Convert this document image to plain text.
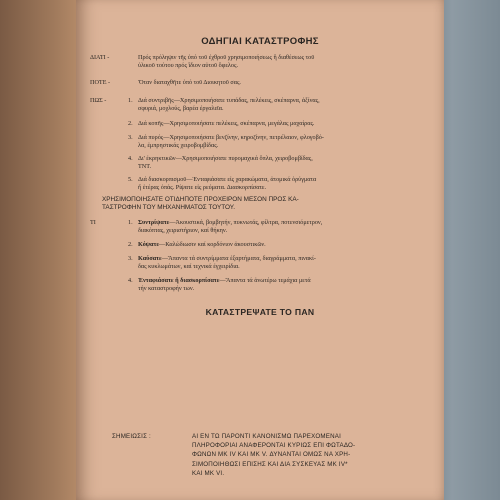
ΟΔΗΓΙΑΙ ΚΑΤΑΣΤΡΟΦΗΣ
ΔΙΑΤΙ -	Πρός πρόληψιν τῆς ὑπό τοῦ ἐχθροῦ χρησιμοποιήσεως ἤ διαθέσεως τοῦ
ὑλικοῦ τούτου πρός ἴδιον αὐτοῦ ὄφελος.
ΠΟΤΕ -	Ὅταν διαταχθῆτε ὑπό τοῦ Διοικητοῦ σας.
ΠΩΣ -	1. Διά συντριβῆς—Χρησιμοποιήσατε τυπάδας, πελέκεις, σκέπαρνα, ἀξίνας,
σφυριά, μοχλούς, βαρέα ἐργαλεῖα.
2. Διά κοπῆς—Χρησιμοποιήσατε πελέκεις, σκέπαρνα, μεγάλας μαχαίρας.
3. Διά πυρός—Χρησιμοποιήσατε βενζίνην, κηροζίνην, πετρέλαιον, φλογοβό-
λα, ἐμπρηστικάς χειροβομβίδας.
4. Δι' ἐκρηκτικῶν—Χρησιμοποιήσατε πυρομαχικά ὅπλα, χειροβομβίδας,
TNT.
5. Διά διασκορπισμοῦ—Ἐνταφιάσατε εἰς χαρακώματα, ἀτομικά ὀρύγματα
ἤ ἑτέρας ὀπάς. Ρίψατε εἰς ρεύματα. Διασκορπίσατε.
ΧΡΗΣΙΜΟΠΟΙΗΣΑΤΕ ΟΤΙΔΗΠΟΤΕ ΠΡΟΧΕΙΡΟΝ ΜΕΣΟΝ ΠΡΟΣ ΚΑ-
ΤΑΣΤΡΟΦΗΝ ΤΟΥ ΜΗΧΑΝΗΜΑΤΟΣ ΤΟΥΤΟΥ.
ΤΙ	1. Συντρίψατε—Ἀκουστικά, βομβητήν, πυκνωτάς, φίλτρα, ποτενσιόμετρον,
διακόπτας, χειριστήριον, καί θήκην.
2. Κόψατε—Καλώδιωσιν καί κορδόνιον ἀκουστικῶν.
3. Καύσατε—Ἅπαντα τά συντρίμματα ἐξαρτήματα, διαγράμματα, πινακί-
δας κυκλωμάτων, καί τεχνικά ἐγχειρίδια.
4. Ἐνταφιάσατε ἤ διασκορπίσατε—Ἅπαντα τά ἀνωτέρω τεμάχια μετά
τήν καταστροφήν των.
ΚΑΤΑΣΤΡΕΨΑΤΕ ΤΟ ΠΑΝ
ΣΗΜΕΙΩΣΙΣ :	ΑΙ ΕΝ ΤΩ ΠΑΡΟΝΤΙ ΚΑΝΟΝΙΣΜΩ ΠΑΡΕΧΟΜΕΝΑΙ
ΠΛΗΡΟΦΟΡΙΑΙ ΑΝΑΦΕΡΟΝΤΑΙ ΚΥΡΙΩΣ ΕΠΙ ΦΩΤΑΔΟ-
ΦΩΝΩΝ ΜΚ IV ΚΑΙ ΜΚ V. ΔΥΝΑΝΤΑΙ ΟΜΩΣ ΝΑ ΧΡΗ-
ΣΙΜΟΠΟΙΗΘΩΣΙ ΕΠΙΣΗΣ ΚΑΙ ΔΙΑ ΣΥΣΚΕΥΑΣ ΜΚ IV*
ΚΑΙ ΜΚ VI.
